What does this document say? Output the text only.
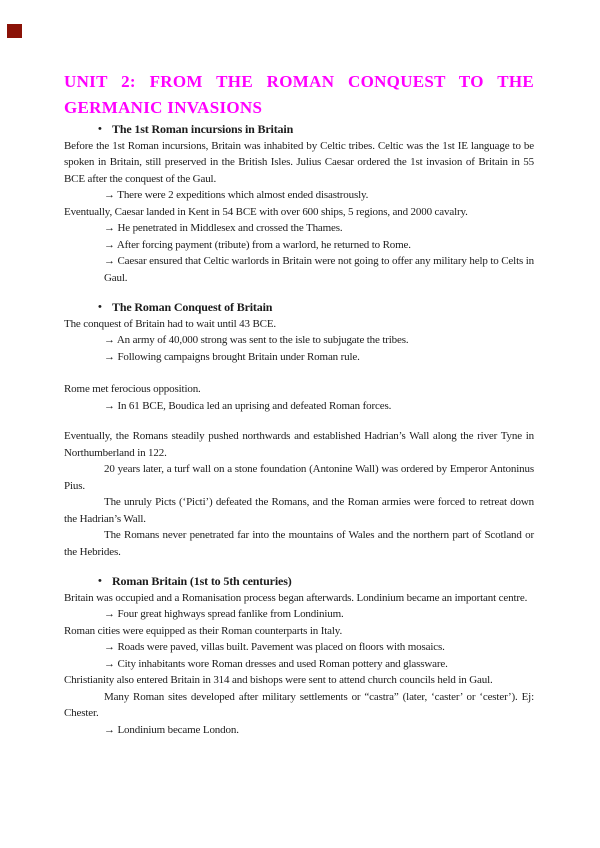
UNIT 2: FROM THE ROMAN CONQUEST TO THE
GERMANIC INVASIONS
• The 1st Roman incursions in Britain
Before the 1st Roman incursions, Britain was inhabited by Celtic tribes. Celtic was the 1st IE language to be spoken in Britain, still preserved in the British Isles. Julius Caesar ordered the 1st invasion of Britain in 55 BCE after the conquest of the Gaul.
→ There were 2 expeditions which almost ended disastrously.
Eventually, Caesar landed in Kent in 54 BCE with over 600 ships, 5 regions, and 2000 cavalry.
→ He penetrated in Middlesex and crossed the Thames.
→ After forcing payment (tribute) from a warlord, he returned to Rome.
→ Caesar ensured that Celtic warlords in Britain were not going to offer any military help to Celts in Gaul.
• The Roman Conquest of Britain
The conquest of Britain had to wait until 43 BCE.
→ An army of 40,000 strong was sent to the isle to subjugate the tribes.
→ Following campaigns brought Britain under Roman rule.
Rome met ferocious opposition.
→ In 61 BCE, Boudica led an uprising and defeated Roman forces.
Eventually, the Romans steadily pushed northwards and established Hadrian’s Wall along the river Tyne in Northumberland in 122.
20 years later, a turf wall on a stone foundation (Antonine Wall) was ordered by Emperor Antoninus Pius.
The unruly Picts (‘Picti’) defeated the Romans, and the Roman armies were forced to retreat down the Hadrian’s Wall.
The Romans never penetrated far into the mountains of Wales and the northern part of Scotland or the Hebrides.
• Roman Britain (1st to 5th centuries)
Britain was occupied and a Romanisation process began afterwards. Londinium became an important centre.
→ Four great highways spread fanlike from Londinium.
Roman cities were equipped as their Roman counterparts in Italy.
→ Roads were paved, villas built. Pavement was placed on floors with mosaics.
→ City inhabitants wore Roman dresses and used Roman pottery and glassware.
Christianity also entered Britain in 314 and bishops were sent to attend church councils held in Gaul.
Many Roman sites developed after military settlements or “castra” (later, ‘caster’ or ‘cester’). Ej: Chester.
→ Londinium became London.
